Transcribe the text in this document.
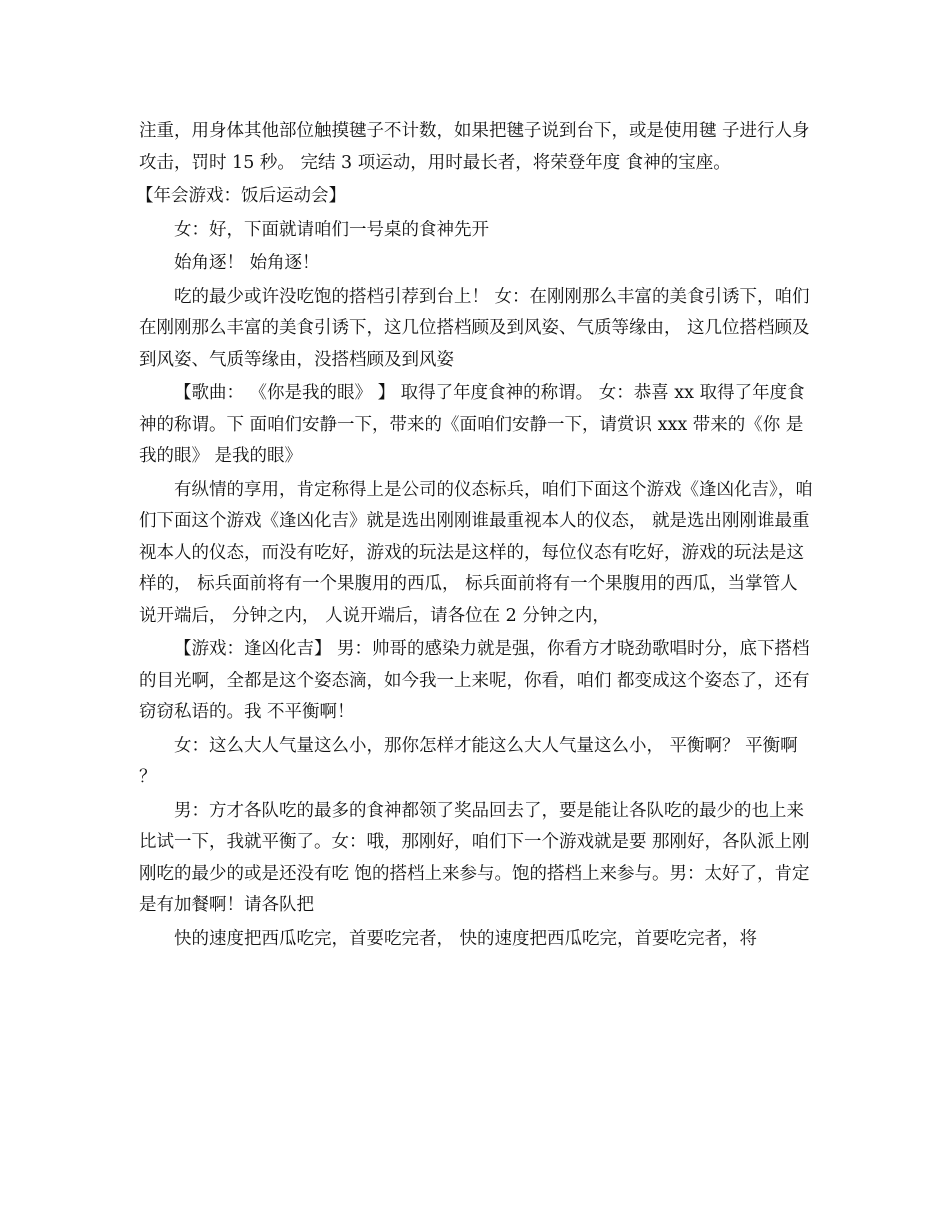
注重，用身体其他部位触摸毽子不计数，如果把毽子说到台下，或是使用毽 子进行人身攻击，罚时 15 秒。 完结 3 项运动，用时最长者，将荣登年度 食神的宝座。

【年会游戏：饭后运动会】

女：好，下面就请咱们一号桌的食神先开

始角逐！ 始角逐！

吃的最少或许没吃饱的搭档引荐到台上！ 女：在刚刚那么丰富的美食引诱下，咱们 在刚刚那么丰富的美食引诱下，这几位搭档顾及到风姿、气质等缘由， 这几位搭档顾及到风姿、气质等缘由，没搭档顾及到风姿

【歌曲： 《你是我的眼》 】 取得了年度食神的称谓。 女：恭喜 xx 取得了年度食神的称谓。下 面咱们安静一下，带来的《面咱们安静一下，请赏识 xxx 带来的《你 是我的眼》 是我的眼》

有纵情的享用，肯定称得上是公司的仪态标兵，咱们下面这个游戏《逢凶化吉》，咱们下面这个游戏《逢凶化吉》就是选出刚刚谁最重视本人的仪态， 就是选出刚刚谁最重视本人的仪态，而没有吃好，游戏的玩法是这样的，每位仪态有吃好，游戏的玩法是这样的， 标兵面前将有一个果腹用的西瓜， 标兵面前将有一个果腹用的西瓜，当掌管人说开端后， 分钟之内， 人说开端后，请各位在 2 分钟之内，

【游戏：逢凶化吉】 男：帅哥的感染力就是强，你看方才晓劲歌唱时分，底下搭档的目光啊，全都是这个姿态滴，如今我一上来呢，你看，咱们 都变成这个姿态了，还有窃窃私语的。我 不平衡啊！

女：这么大人气量这么小，那你怎样才能这么大人气量这么小， 平衡啊？ 平衡啊？

男：方才各队吃的最多的食神都领了奖品回去了，要是能让各队吃的最少的也上来 比试一下，我就平衡了。女：哦，那刚好，咱们下一个游戏就是要 那刚好，各队派上刚刚吃的最少的或是还没有吃 饱的搭档上来参与。饱的搭档上来参与。男：太好了，肯定是有加餐啊！请各队把

快的速度把西瓜吃完，首要吃完者， 快的速度把西瓜吃完，首要吃完者，将
